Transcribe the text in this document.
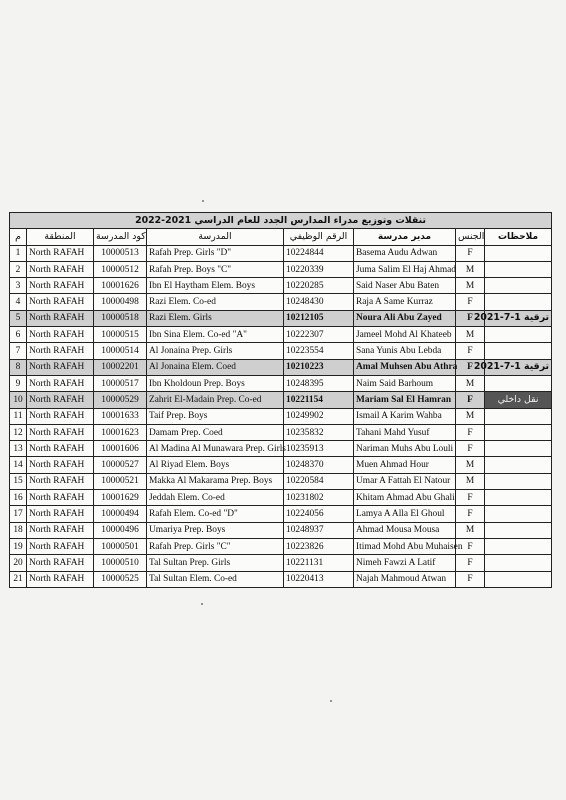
تنقلات وتوزيع مدراء المدارس الجدد للعام الدراسي 2021-2022							
م	المنطقة	كود المدرسة	المدرسة	الرقم الوظيفي	مدير مدرسة	الجنس	ملاحظات
1	North RAFAH	10000513	Rafah Prep. Girls "D"	10224844	Basema Audu Adwan	F	
2	North RAFAH	10000512	Rafah Prep. Boys "C"	10220339	Juma Salim El Haj Ahmad	M	
3	North RAFAH	10001626	Ibn El Haytham Elem. Boys	10220285	Said Naser Abu Baten	M	
4	North RAFAH	10000498	Razi Elem. Co-ed	10248430	Raja A Same Kurraz	F	
5	North RAFAH	10000518	Razi Elem. Girls	10212105	Noura Ali Abu Zayed	F	ترقية 1-7-2021
6	North RAFAH	10000515	Ibn Sina Elem. Co-ed "A"	10222307	Jameel Mohd Al Khateeb	M	
7	North RAFAH	10000514	Al Jonaina Prep. Girls	10223554	Sana Yunis Abu Lebda	F	
8	North RAFAH	10002201	Al Jonaina Elem. Coed	10210223	Amal Muhsen Abu Athra	F	ترقية 1-7-2021
9	North RAFAH	10000517	Ibn Kholdoun Prep. Boys	10248395	Naim Said Barhoum	M	
10	North RAFAH	10000529	Zahrit El-Madain Prep. Co-ed	10221154	Mariam Sal El Hamran	F	نقل داخلي
11	North RAFAH	10001633	Taif Prep. Boys	10249902	Ismail A Karim Wahba	M	
12	North RAFAH	10001623	Damam Prep. Coed	10235832	Tahani Mahd Yusuf	F	
13	North RAFAH	10001606	Al Madina Al Munawara Prep. Girls	10235913	Nariman Muhs Abu Louli	F	
14	North RAFAH	10000527	Al Riyad Elem. Boys	10248370	Muen Ahmad Hour	M	
15	North RAFAH	10000521	Makka Al Makarama Prep. Boys	10220584	Umar A Fattah El Natour	M	
16	North RAFAH	10001629	Jeddah Elem. Co-ed	10231802	Khitam Ahmad Abu Ghali	F	
17	North RAFAH	10000494	Rafah Elem. Co-ed "D"	10224056	Lamya A Alla El Ghoul	F	
18	North RAFAH	10000496	Umariya Prep. Boys	10248937	Ahmad Mousa Mousa	M	
19	North RAFAH	10000501	Rafah Prep. Girls "C"	10223826	Itimad Mohd Abu Muhaisen	F	
20	North RAFAH	10000510	Tal Sultan Prep. Girls	10221131	Nimeh Fawzi A Latif	F	
21	North RAFAH	10000525	Tal Sultan Elem. Co-ed	10220413	Najah Mahmoud Atwan	F	
